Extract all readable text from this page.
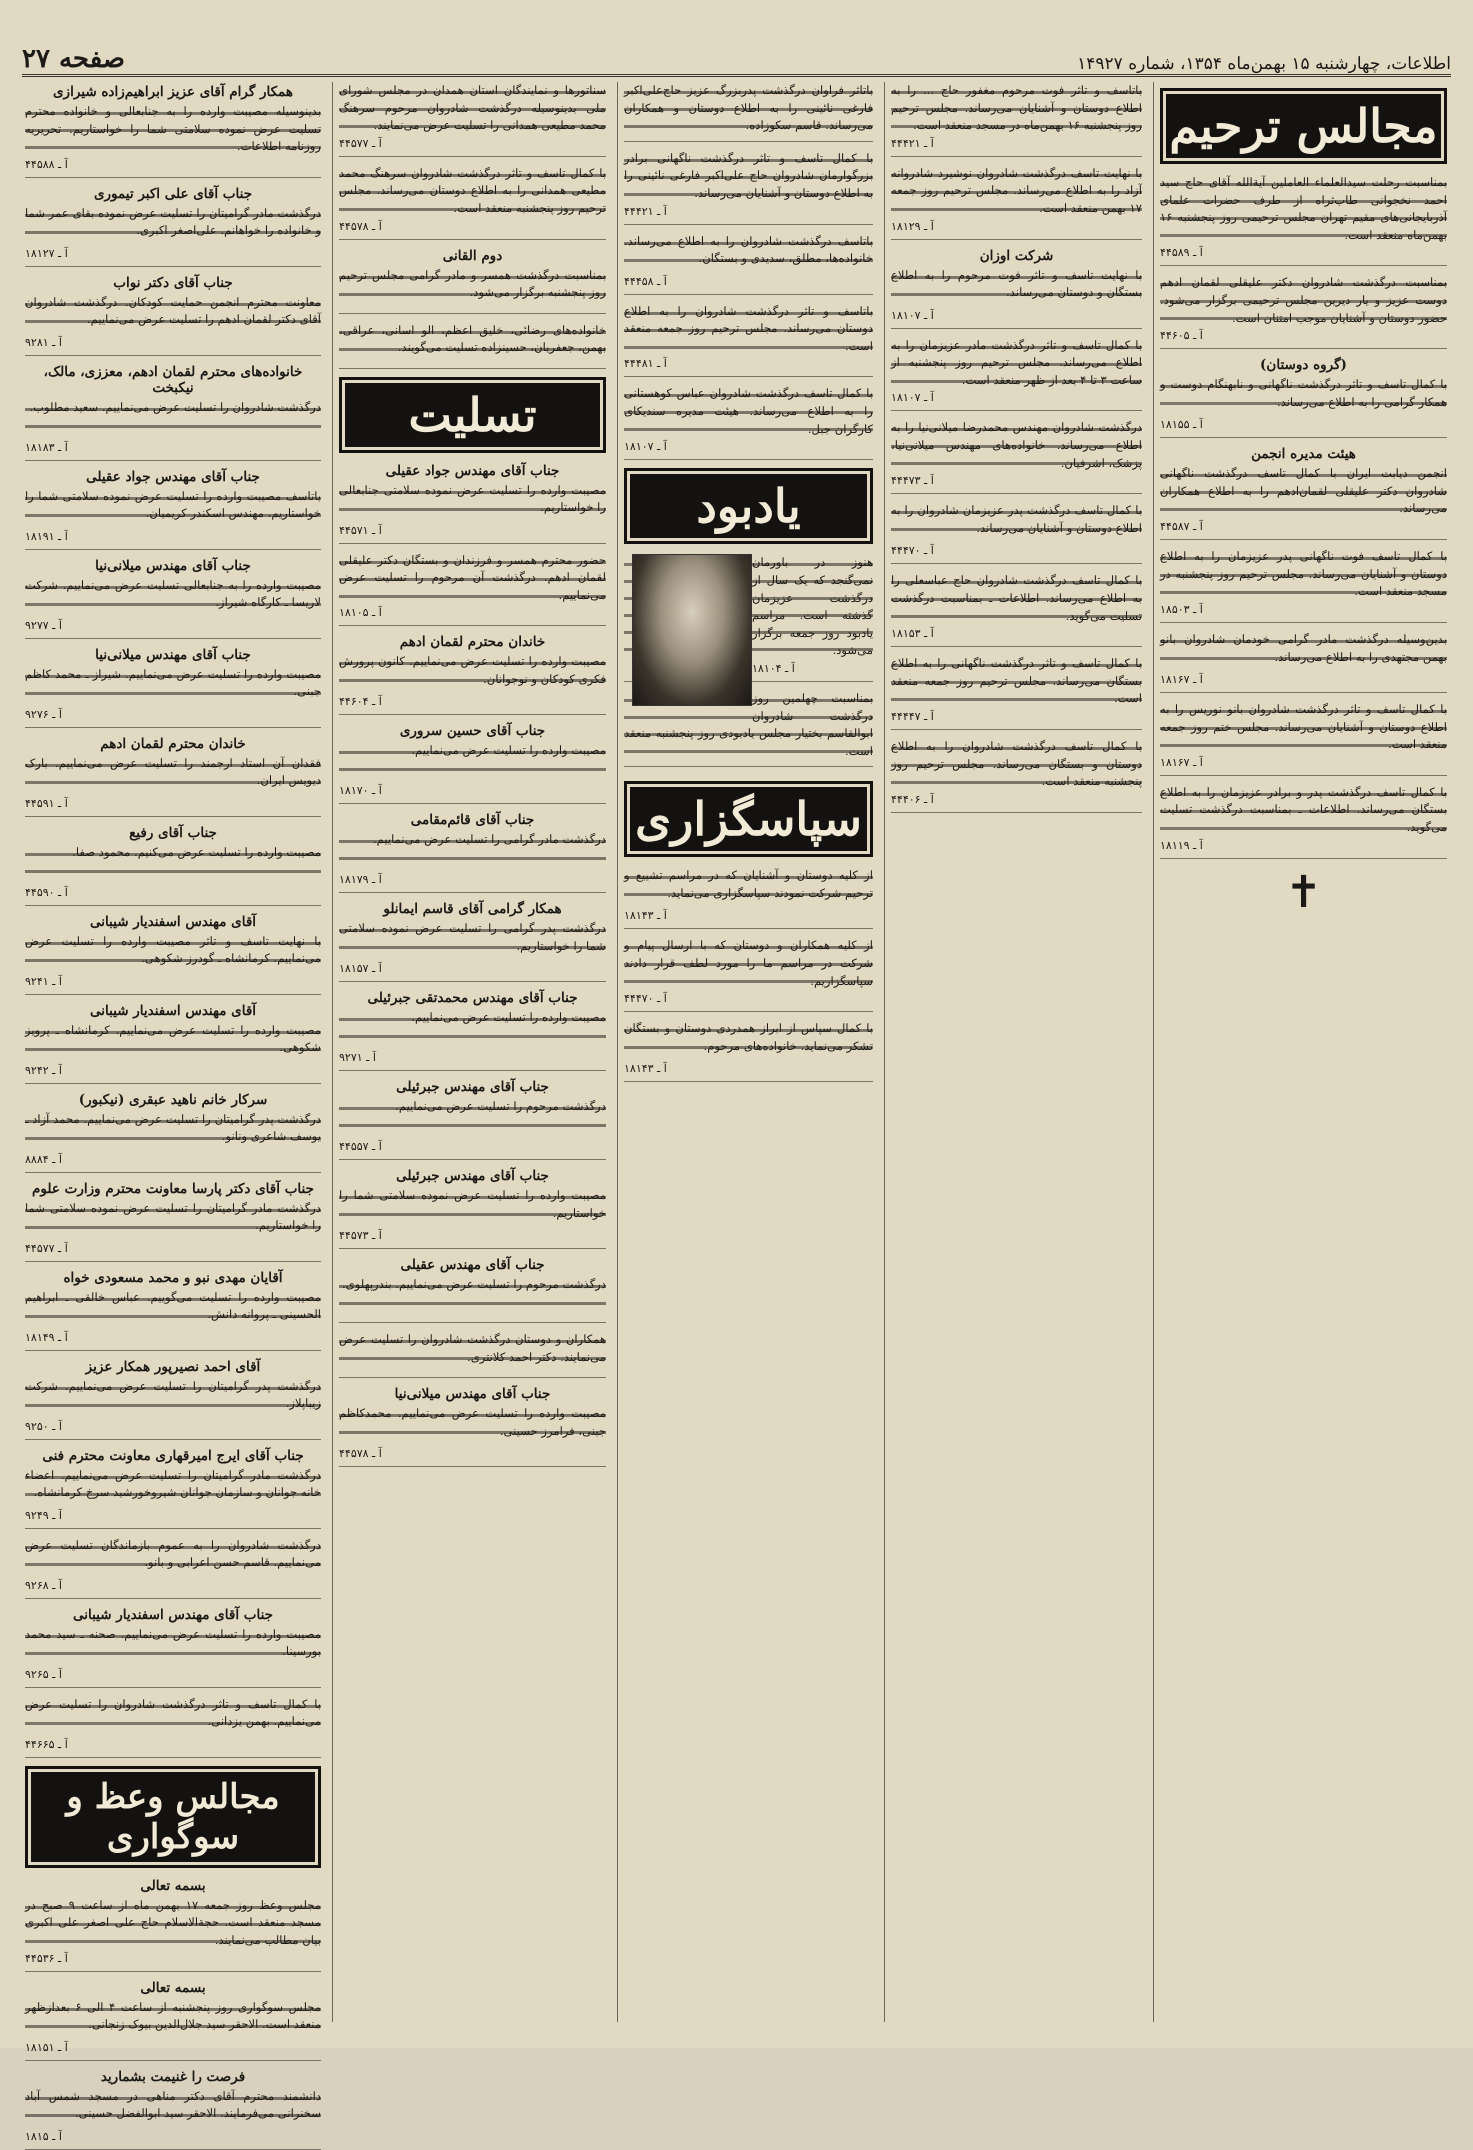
اطلاعات، چهارشنبه ۱۵ بهمن‌ماه ۱۳۵۴، شماره ۱۴۹۲۷
صفحه ۲۷
مجالس ترحیم
بمناسبت رحلت سیدالعلماء العاملین آیة‌الله آقای حاج سید احمد نخجوانی طاب‌ثراه از طرف حضرات علمای آذربایجانی‌های مقیم تهران مجلس ترحیمی روز پنجشنبه ۱۶ بهمن‌ماه منعقد است.
آ ـ ۴۴۵۸۹
بمناسبت درگذشت شادروان دکتر علیقلی لقمان ادهم دوست عزیز و یار دیرین مجلس ترحیمی برگزار می‌شود. حضور دوستان و آشنایان موجب امتنان است.
آ ـ ۴۴۶۰۵
(گروه دوستان)
با کمال تاسف و تاثر درگذشت ناگهانی و نابهنگام دوست و همکار گرامی را به اطلاع می‌رساند.
آ ـ ۱۸۱۵۵
هیئت مدیره انجمن
انجمن دیابت ایران با کمال تاسف درگذشت ناگهانی شادروان دکتر علیقلی لقمان‌ادهم را به اطلاع همکاران می‌رساند.
آ ـ ۴۴۵۸۷
با کمال تاسف فوت ناگهانی پدر عزیزمان را به اطلاع دوستان و آشنایان می‌رساند. مجلس ترحیم روز پنجشنبه در مسجد منعقد است.
آ ـ ۱۸۵۰۳
بدین‌وسیله درگذشت مادر گرامی خودمان شادروان بانو بهمن مجتهدی را به اطلاع می‌رساند.
آ ـ ۱۸۱۶۷
با کمال تاسف و تاثر درگذشت شادروان بانو نوریس را به اطلاع دوستان و آشنایان می‌رساند. مجلس ختم روز جمعه منعقد است.
آ ـ ۱۸۱۶۷
با کمال تاسف درگذشت پدر و برادر عزیزمان را به اطلاع بستگان می‌رساند. اطلاعات ـ بمناسبت درگذشت تسلیت می‌گوید.
آ ـ ۱۸۱۱۹
✝
باتاسف و تاثر فوت مرحوم مغفور حاج ... را به اطلاع دوستان و آشنایان می‌رساند. مجلس ترحیم روز پنجشنبه ۱۶ بهمن‌ماه در مسجد منعقد است.
آ ـ ۴۴۴۲۱
با نهایت تاسف درگذشت شادروان نوشیرد شادروانه آزاد را به اطلاع می‌رساند. مجلس ترحیم روز جمعه ۱۷ بهمن منعقد است.
آ ـ ۱۸۱۲۹
شرکت اوزان
با نهایت تاسف و تاثر فوت مرحوم را به اطلاع بستگان و دوستان می‌رساند.
آ ـ ۱۸۱۰۷
با کمال تاسف و تاثر درگذشت مادر عزیزمان را به اطلاع می‌رساند. مجلس ترحیم روز پنجشنبه از ساعت ۳ تا ۴ بعد از ظهر منعقد است.
آ ـ ۱۸۱۰۷
درگذشت شادروان مهندس محمدرضا میلانی‌نیا را به اطلاع می‌رساند. خانواده‌های مهندس میلانی‌نیا، پزشک، اشرفیان.
آ ـ ۴۴۴۷۳
با کمال تاسف درگذشت پدر عزیزمان شادروان را به اطلاع دوستان و آشنایان می‌رساند.
آ ـ ۴۴۴۷۰
با کمال تاسف درگذشت شادروان حاج عباسعلی را به اطلاع می‌رساند. اطلاعات ـ بمناسبت درگذشت تسلیت می‌گوید.
آ ـ ۱۸۱۵۳
با کمال تاسف و تاثر درگذشت ناگهانی را به اطلاع بستگان می‌رساند. مجلس ترحیم روز جمعه منعقد است.
آ ـ ۴۴۴۴۷
با کمال تاسف درگذشت شادروان را به اطلاع دوستان و بستگان می‌رساند. مجلس ترحیم روز پنجشنبه منعقد است.
آ ـ ۴۴۴۰۶
باتاثر فراوان درگذشت پدربزرگ عزیز حاج‌علی‌اکبر فارغی نائینی را به اطلاع دوستان و همکاران می‌رساند. قاسم سکوزاده.
با کمال تاسف و تاثر درگذشت ناگهانی برادر بزرگوارمان شادروان حاج علی‌اکبر فارغی نائینی را به اطلاع دوستان و آشنایان می‌رساند.
آ ـ ۴۴۴۲۱
باتاسف درگذشت شادروان را به اطلاع می‌رساند. خانواده‌ها، مطلق، سدیدی و بستگان.
آ ـ ۴۴۴۵۸
باتاسف و تاثر درگذشت شادروان را به اطلاع دوستان می‌رساند. مجلس ترحیم روز جمعه منعقد است.
آ ـ ۴۴۴۸۱
با کمال تاسف درگذشت شادروان عباس کوهستانی را به اطلاع می‌رساند. هیئت مدیره سندیکای کارگران جبل.
آ ـ ۱۸۱۰۷
یادبود
هنوز در باورمان نمی‌گنجد که یک سال از درگذشت عزیزمان گذشته است. مراسم یادبود روز جمعه برگزار می‌شود.
آ ـ ۱۸۱۰۴
بمناسبت چهلمین روز درگذشت شادروان ابوالقاسم بختیار مجلس یادبودی روز پنجشنبه منعقد است.
سپاسگزاری
از کلیه دوستان و آشنایان که در مراسم تشییع و ترحیم شرکت نمودند سپاسگزاری می‌نماید.
آ ـ ۱۸۱۴۳
از کلیه همکاران و دوستان که با ارسال پیام و شرکت در مراسم ما را مورد لطف قرار دادند سپاسگزاریم.
آ ـ ۴۴۴۷۰
با کمال سپاس از ابراز همدردی دوستان و بستگان تشکر می‌نماید. خانواده‌های مرحوم.
آ ـ ۱۸۱۴۳
سناتورها و نمایندگان استان همدان در مجلس شورای ملی بدینوسیله درگذشت شادروان مرحوم سرهنگ محمد مطیعی همدانی را تسلیت عرض می‌نمایند.
آ ـ ۴۴۵۷۷
با کمال تاسف و تاثر درگذشت شادروان سرهنگ محمد مطیعی همدانی را به اطلاع دوستان می‌رساند. مجلس ترحیم روز پنجشنبه منعقد است.
آ ـ ۴۴۵۷۸
دوم القانی
بمناسبت درگذشت همسر و مادر گرامی مجلس ترحیم روز پنجشنبه برگزار می‌شود.
خانواده‌های رضائی، خلیق اعظم، الو اسانی، عراقی، بهمن، جعفریان، حسینزاده تسلیت می‌گویند.
تسلیت
جناب آقای مهندس جواد عقیلی
مصیبت وارده را تسلیت عرض نموده سلامتی جنابعالی را خواستاریم.
آ ـ ۴۴۵۷۱
حضور محترم همسر و فرزندان و بستگان دکتر علیقلی لقمان ادهم. درگذشت آن مرحوم را تسلیت عرض می‌نماییم.
آ ـ ۱۸۱۰۵
خاندان محترم لقمان ادهم
مصیبت وارده را تسلیت عرض می‌نماییم. کانون پرورش فکری کودکان و نوجوانان.
آ ـ ۴۴۶۰۴
جناب آقای حسین سروری
مصیبت وارده را تسلیت عرض می‌نماییم.
آ ـ ۱۸۱۷۰
جناب آقای قائم‌مقامی
درگذشت مادر گرامی را تسلیت عرض می‌نماییم.
آ ـ ۱۸۱۷۹
همکار گرامی آقای قاسم ایمانلو
درگذشت پدر گرامی را تسلیت عرض نموده سلامتی شما را خواستاریم.
آ ـ ۱۸۱۵۷
جناب آقای مهندس محمدتقی جبرئیلی
مصیبت وارده را تسلیت عرض می‌نماییم.
آ ـ ۹۲۷۱
جناب آقای مهندس جبرئیلی
درگذشت مرحوم را تسلیت عرض می‌نماییم.
آ ـ ۴۴۵۵۷
جناب آقای مهندس جبرئیلی
مصیبت وارده را تسلیت عرض نموده سلامتی شما را خواستاریم.
آ ـ ۴۴۵۷۳
جناب آقای مهندس عقیلی
درگذشت مرحوم را تسلیت عرض می‌نماییم. بندرپهلوی.
همکاران و دوستان درگذشت شادروان را تسلیت عرض می‌نمایند. دکتر احمد کلانتری.
جناب آقای مهندس میلانی‌نیا
مصیبت وارده را تسلیت عرض می‌نماییم. محمدکاظم جبنی، فرامرز حسینی.
آ ـ ۴۴۵۷۸
همکار گرام آقای عزیز ابراهیم‌زاده شیرازی
بدینوسیله مصیبت وارده را به جنابعالی و خانواده محترم تسلیت عرض نموده سلامتی شما را خواستاریم. تحریریه روزنامه اطلاعات.
آ ـ ۴۴۵۸۸
جناب آقای علی اکبر تیموری
درگذشت مادر گرامیتان را تسلیت عرض نموده بقای عمر شما و خانواده را خواهانم. علی‌اصغر اکبری.
آ ـ ۱۸۱۲۷
جناب آقای دکتر نواب
معاونت محترم انجمن حمایت کودکان. درگذشت شادروان آقای دکتر لقمان ادهم را تسلیت عرض می‌نماییم.
آ ـ ۹۲۸۱
خانواده‌های محترم لقمان ادهم، معززی، مالک، نیکبخت
درگذشت شادروان را تسلیت عرض می‌نماییم. سعید مطلوب.
آ ـ ۱۸۱۸۳
جناب آقای مهندس جواد عقیلی
باتاسف مصیبت وارده را تسلیت عرض نموده سلامتی شما را خواستاریم. مهندس اسکندر کریمیان.
آ ـ ۱۸۱۹۱
جناب آقای مهندس میلانی‌نیا
مصیبت وارده را به جنابعالی تسلیت عرض می‌نماییم. شرکت لاریسا ـ کارگاه شیراز.
آ ـ ۹۲۷۷
جناب آقای مهندس میلانی‌نیا
مصیبت وارده را تسلیت عرض می‌نماییم. شیراز ـ محمد کاظم جبنی.
آ ـ ۹۲۷۶
خاندان محترم لقمان ادهم
فقدان آن استاد ارجمند را تسلیت عرض می‌نماییم. بارک دیویس ایران.
آ ـ ۴۴۵۹۱
جناب آقای رفیع
مصیبت وارده را تسلیت عرض می‌کنیم. محمود صفا.
آ ـ ۴۴۵۹۰
آقای مهندس اسفندیار شیبانی
با نهایت تاسف و تاثر مصیبت وارده را تسلیت عرض می‌نماییم. کرمانشاه ـ گودرز شکوهی.
آ ـ ۹۲۴۱
آقای مهندس اسفندیار شیبانی
مصیبت وارده را تسلیت عرض می‌نماییم. کرمانشاه ـ پرویز شکوهی.
آ ـ ۹۲۴۲
سرکار خانم ناهید عبقری (نیکبور)
درگذشت پدر گرامیتان را تسلیت عرض می‌نماییم. محمد آزاد ـ یوسف شاعری ونانو.
آ ـ ۸۸۸۴
جناب آقای دکتر پارسا معاونت محترم وزارت علوم
درگذشت مادر گرامیتان را تسلیت عرض نموده سلامتی شما را خواستاریم.
آ ـ ۴۴۵۷۷
آقایان مهدی نبو و محمد مسعودی خواه
مصیبت وارده را تسلیت می‌گوییم. عباس خالقی ـ ابراهیم الحسینی ـ پروانه دانش.
آ ـ ۱۸۱۴۹
آقای احمد نصیرپور همکار عزیز
درگذشت پدر گرامیتان را تسلیت عرض می‌نماییم. شرکت زیباپلاز.
آ ـ ۹۲۵۰
جناب آقای ایرج امیرقهاری معاونت محترم فنی
درگذشت مادر گرامیتان را تسلیت عرض می‌نماییم. اعضاء خانه جوانان و سازمان جوانان شیروخورشید سرخ کرمانشاه.
آ ـ ۹۲۴۹
درگذشت شادروان را به عموم بازماندگان تسلیت عرض می‌نماییم. قاسم حسن اعرابی و بانو.
آ ـ ۹۲۶۸
جناب آقای مهندس اسفندیار شیبانی
مصیبت وارده را تسلیت عرض می‌نماییم. صحنه ـ سید محمد بورسینا.
آ ـ ۹۲۶۵
با کمال تاسف و تاثر درگذشت شادروان را تسلیت عرض می‌نماییم. بهمن یزدانی.
آ ـ ۴۴۶۶۵
مجالس وعظ و سوگواری
بسمه تعالی
مجلس وعظ روز جمعه ۱۷ بهمن ماه از ساعت ۹ صبح در مسجد منعقد است. حجة‌الاسلام حاج علی اصغر علی اکبری بیان مطالب می‌نمایند.
آ ـ ۴۴۵۳۶
بسمه تعالی
مجلس سوگواری روز پنجشنبه از ساعت ۴ الی ۶ بعدازظهر منعقد است. الاحقر سید جلال‌الدین بیوک زنجانی.
آ ـ ۱۸۱۵۱
فرصت را غنیمت بشمارید
دانشمند محترم آقای دکتر مناهی در مسجد شمس آباد سخنرانی می‌فرمایند. الاحقر سید ابوالفضل حسینی.
آ ـ ۱۸۱۵
